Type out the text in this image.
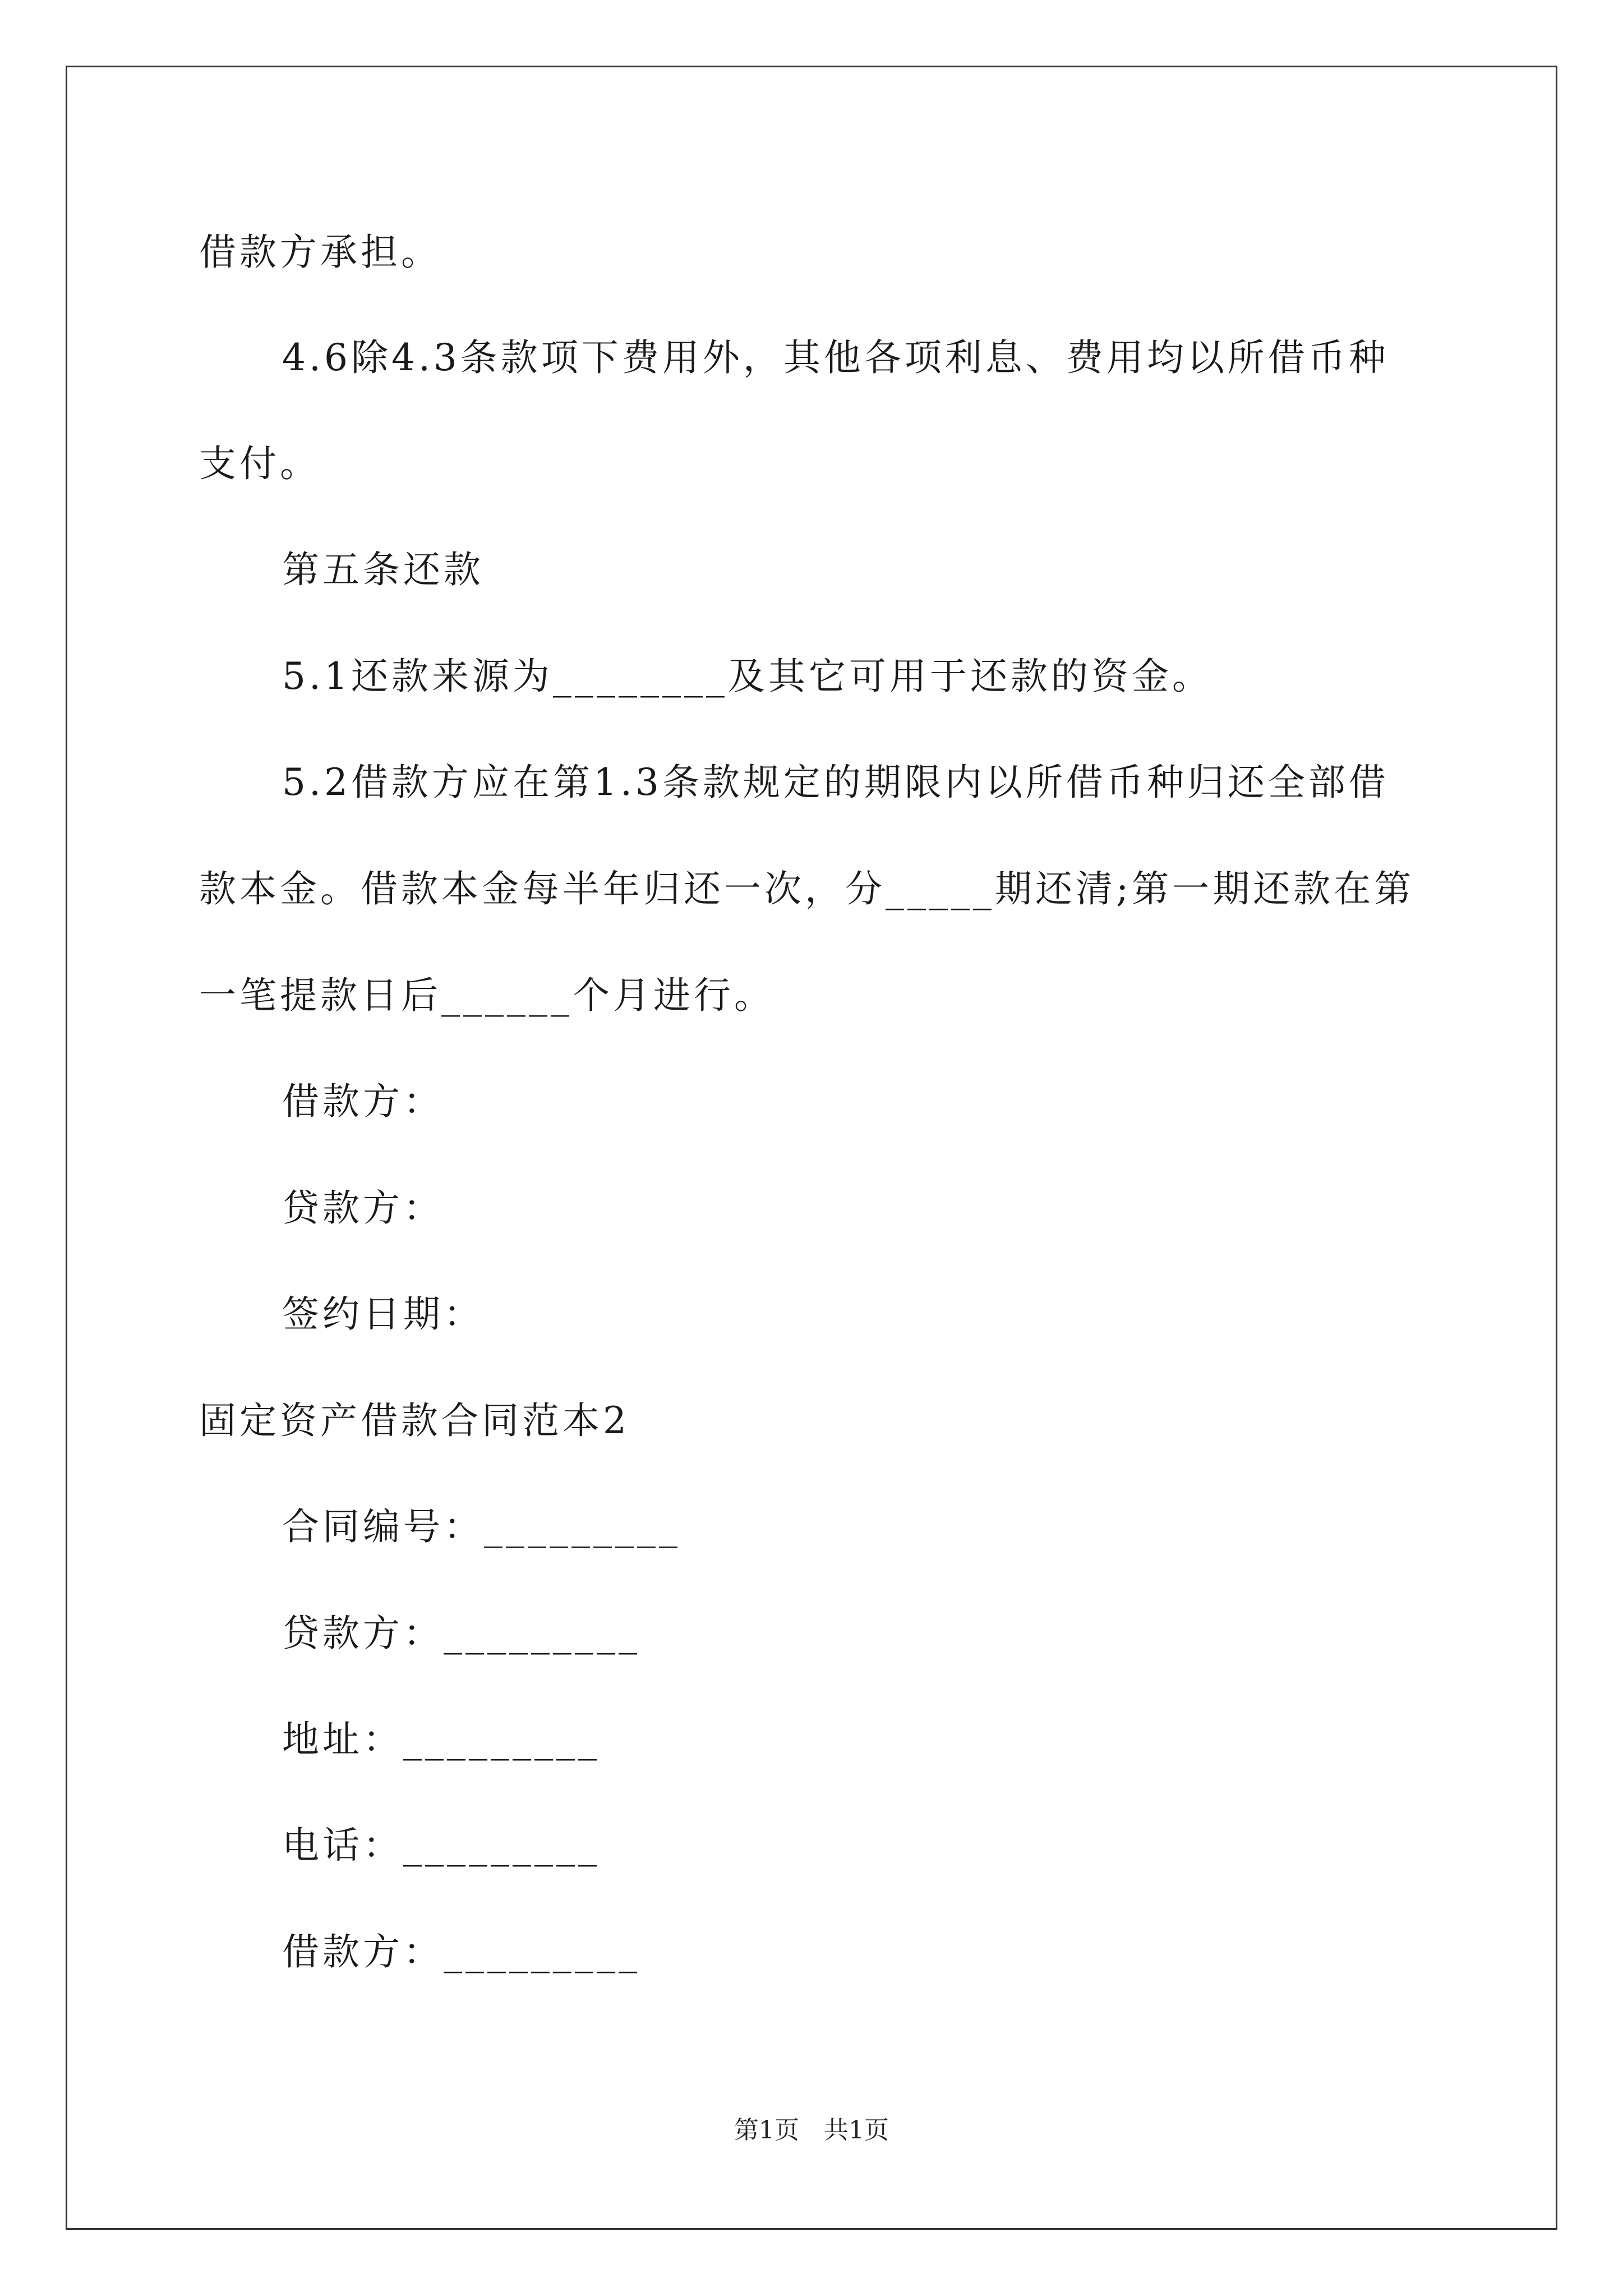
借款方承担。
4.6除4.3条款项下费用外，其他各项利息、费用均以所借币种
支付。
第五条还款
5.1还款来源为________及其它可用于还款的资金。
5.2借款方应在第1.3条款规定的期限内以所借币种归还全部借
款本金。借款本金每半年归还一次，分_____期还清;第一期还款在第
一笔提款日后______个月进行。
借款方：
贷款方：
签约日期：
固定资产借款合同范本2
合同编号：_________
贷款方：_________
地址：_________
电话：_________
借款方：_________
第1页　共1页
